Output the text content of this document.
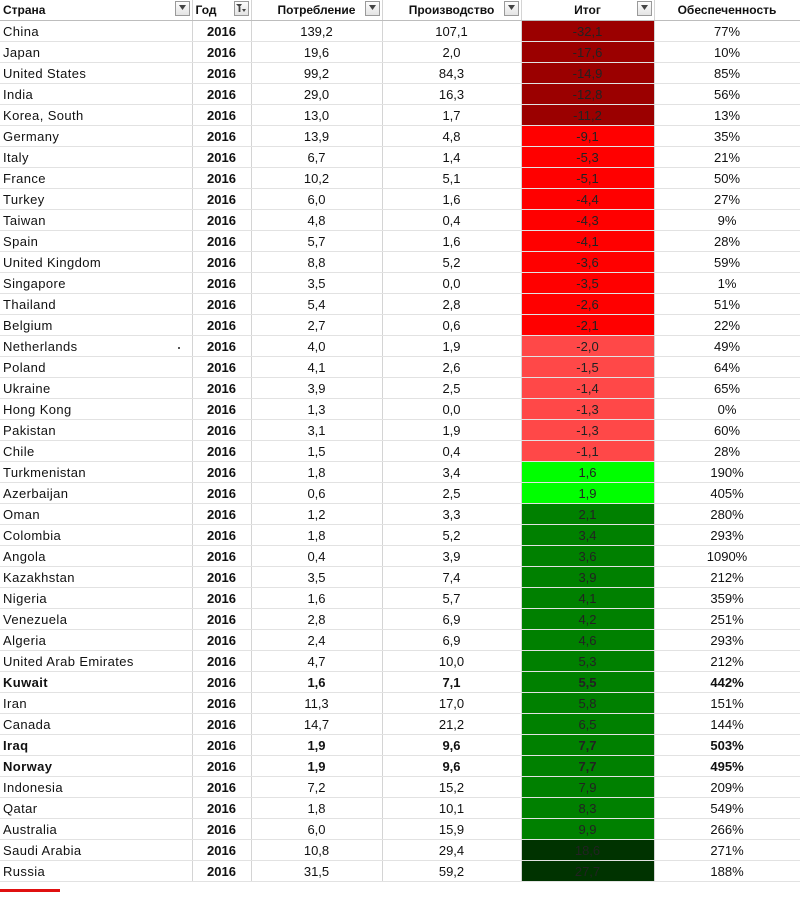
Страна	Год	Потребление	Производство	Итог	Обеспеченность
China	2016	139,2	107,1	-32,1	77%
Japan	2016	19,6	2,0	-17,6	10%
United States	2016	99,2	84,3	-14,9	85%
India	2016	29,0	16,3	-12,8	56%
Korea, South	2016	13,0	1,7	-11,2	13%
Germany	2016	13,9	4,8	-9,1	35%
Italy	2016	6,7	1,4	-5,3	21%
France	2016	10,2	5,1	-5,1	50%
Turkey	2016	6,0	1,6	-4,4	27%
Taiwan	2016	4,8	0,4	-4,3	9%
Spain	2016	5,7	1,6	-4,1	28%
United Kingdom	2016	8,8	5,2	-3,6	59%
Singapore	2016	3,5	0,0	-3,5	1%
Thailand	2016	5,4	2,8	-2,6	51%
Belgium	2016	2,7	0,6	-2,1	22%
Netherlands	2016	4,0	1,9	-2,0	49%
Poland	2016	4,1	2,6	-1,5	64%
Ukraine	2016	3,9	2,5	-1,4	65%
Hong Kong	2016	1,3	0,0	-1,3	0%
Pakistan	2016	3,1	1,9	-1,3	60%
Chile	2016	1,5	0,4	-1,1	28%
Turkmenistan	2016	1,8	3,4	1,6	190%
Azerbaijan	2016	0,6	2,5	1,9	405%
Oman	2016	1,2	3,3	2,1	280%
Colombia	2016	1,8	5,2	3,4	293%
Angola	2016	0,4	3,9	3,6	1090%
Kazakhstan	2016	3,5	7,4	3,9	212%
Nigeria	2016	1,6	5,7	4,1	359%
Venezuela	2016	2,8	6,9	4,2	251%
Algeria	2016	2,4	6,9	4,6	293%
United Arab Emirates	2016	4,7	10,0	5,3	212%
Kuwait	2016	1,6	7,1	5,5	442%
Iran	2016	11,3	17,0	5,8	151%
Canada	2016	14,7	21,2	6,5	144%
Iraq	2016	1,9	9,6	7,7	503%
Norway	2016	1,9	9,6	7,7	495%
Indonesia	2016	7,2	15,2	7,9	209%
Qatar	2016	1,8	10,1	8,3	549%
Australia	2016	6,0	15,9	9,9	266%
Saudi Arabia	2016	10,8	29,4	18,6	271%
Russia	2016	31,5	59,2	27,7	188%
